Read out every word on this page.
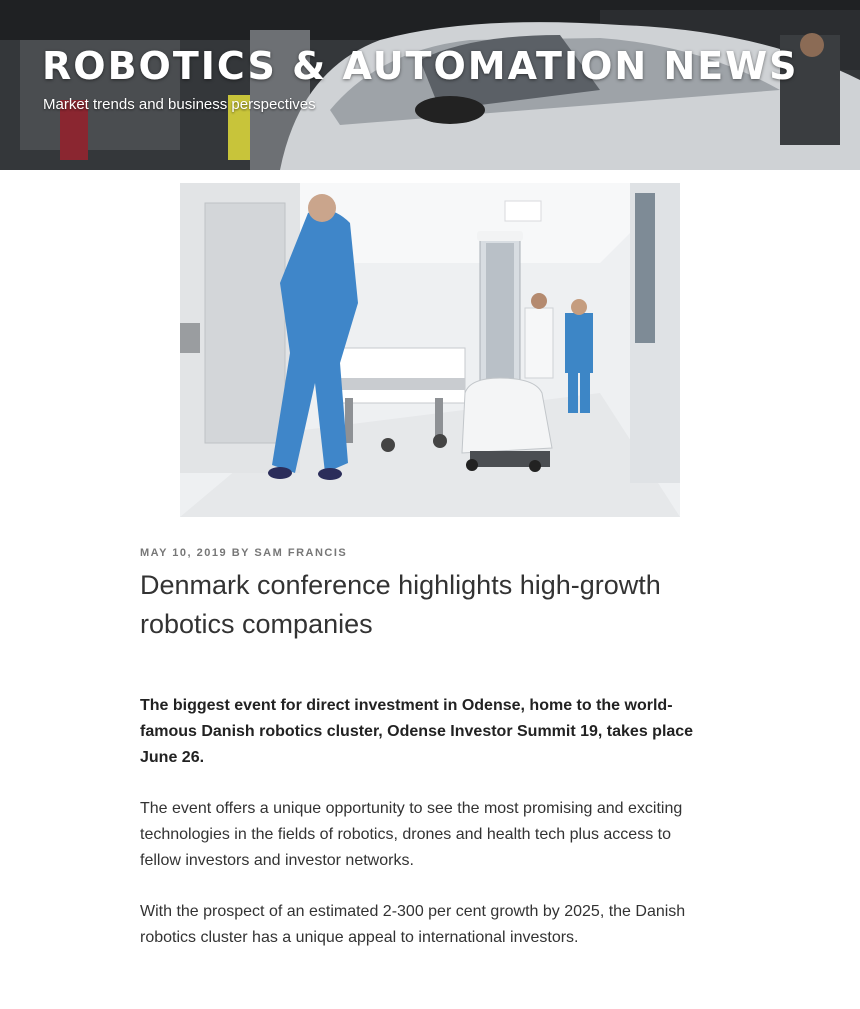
ROBOTICS & AUTOMATION NEWS

Market trends and business perspectives

MAY 10, 2019 BY SAM FRANCIS
Denmark conference highlights high-growth robotics companies

The biggest event for direct investment in Odense, home to the world-famous Danish robotics cluster, Odense Investor Summit 19, takes place June 26.

The event offers a unique opportunity to see the most promising and exciting technologies in the fields of robotics, drones and health tech plus access to fellow investors and investor networks.

With the prospect of an estimated 2-300 per cent growth by 2025, the Danish robotics cluster has a unique appeal to international investors.
